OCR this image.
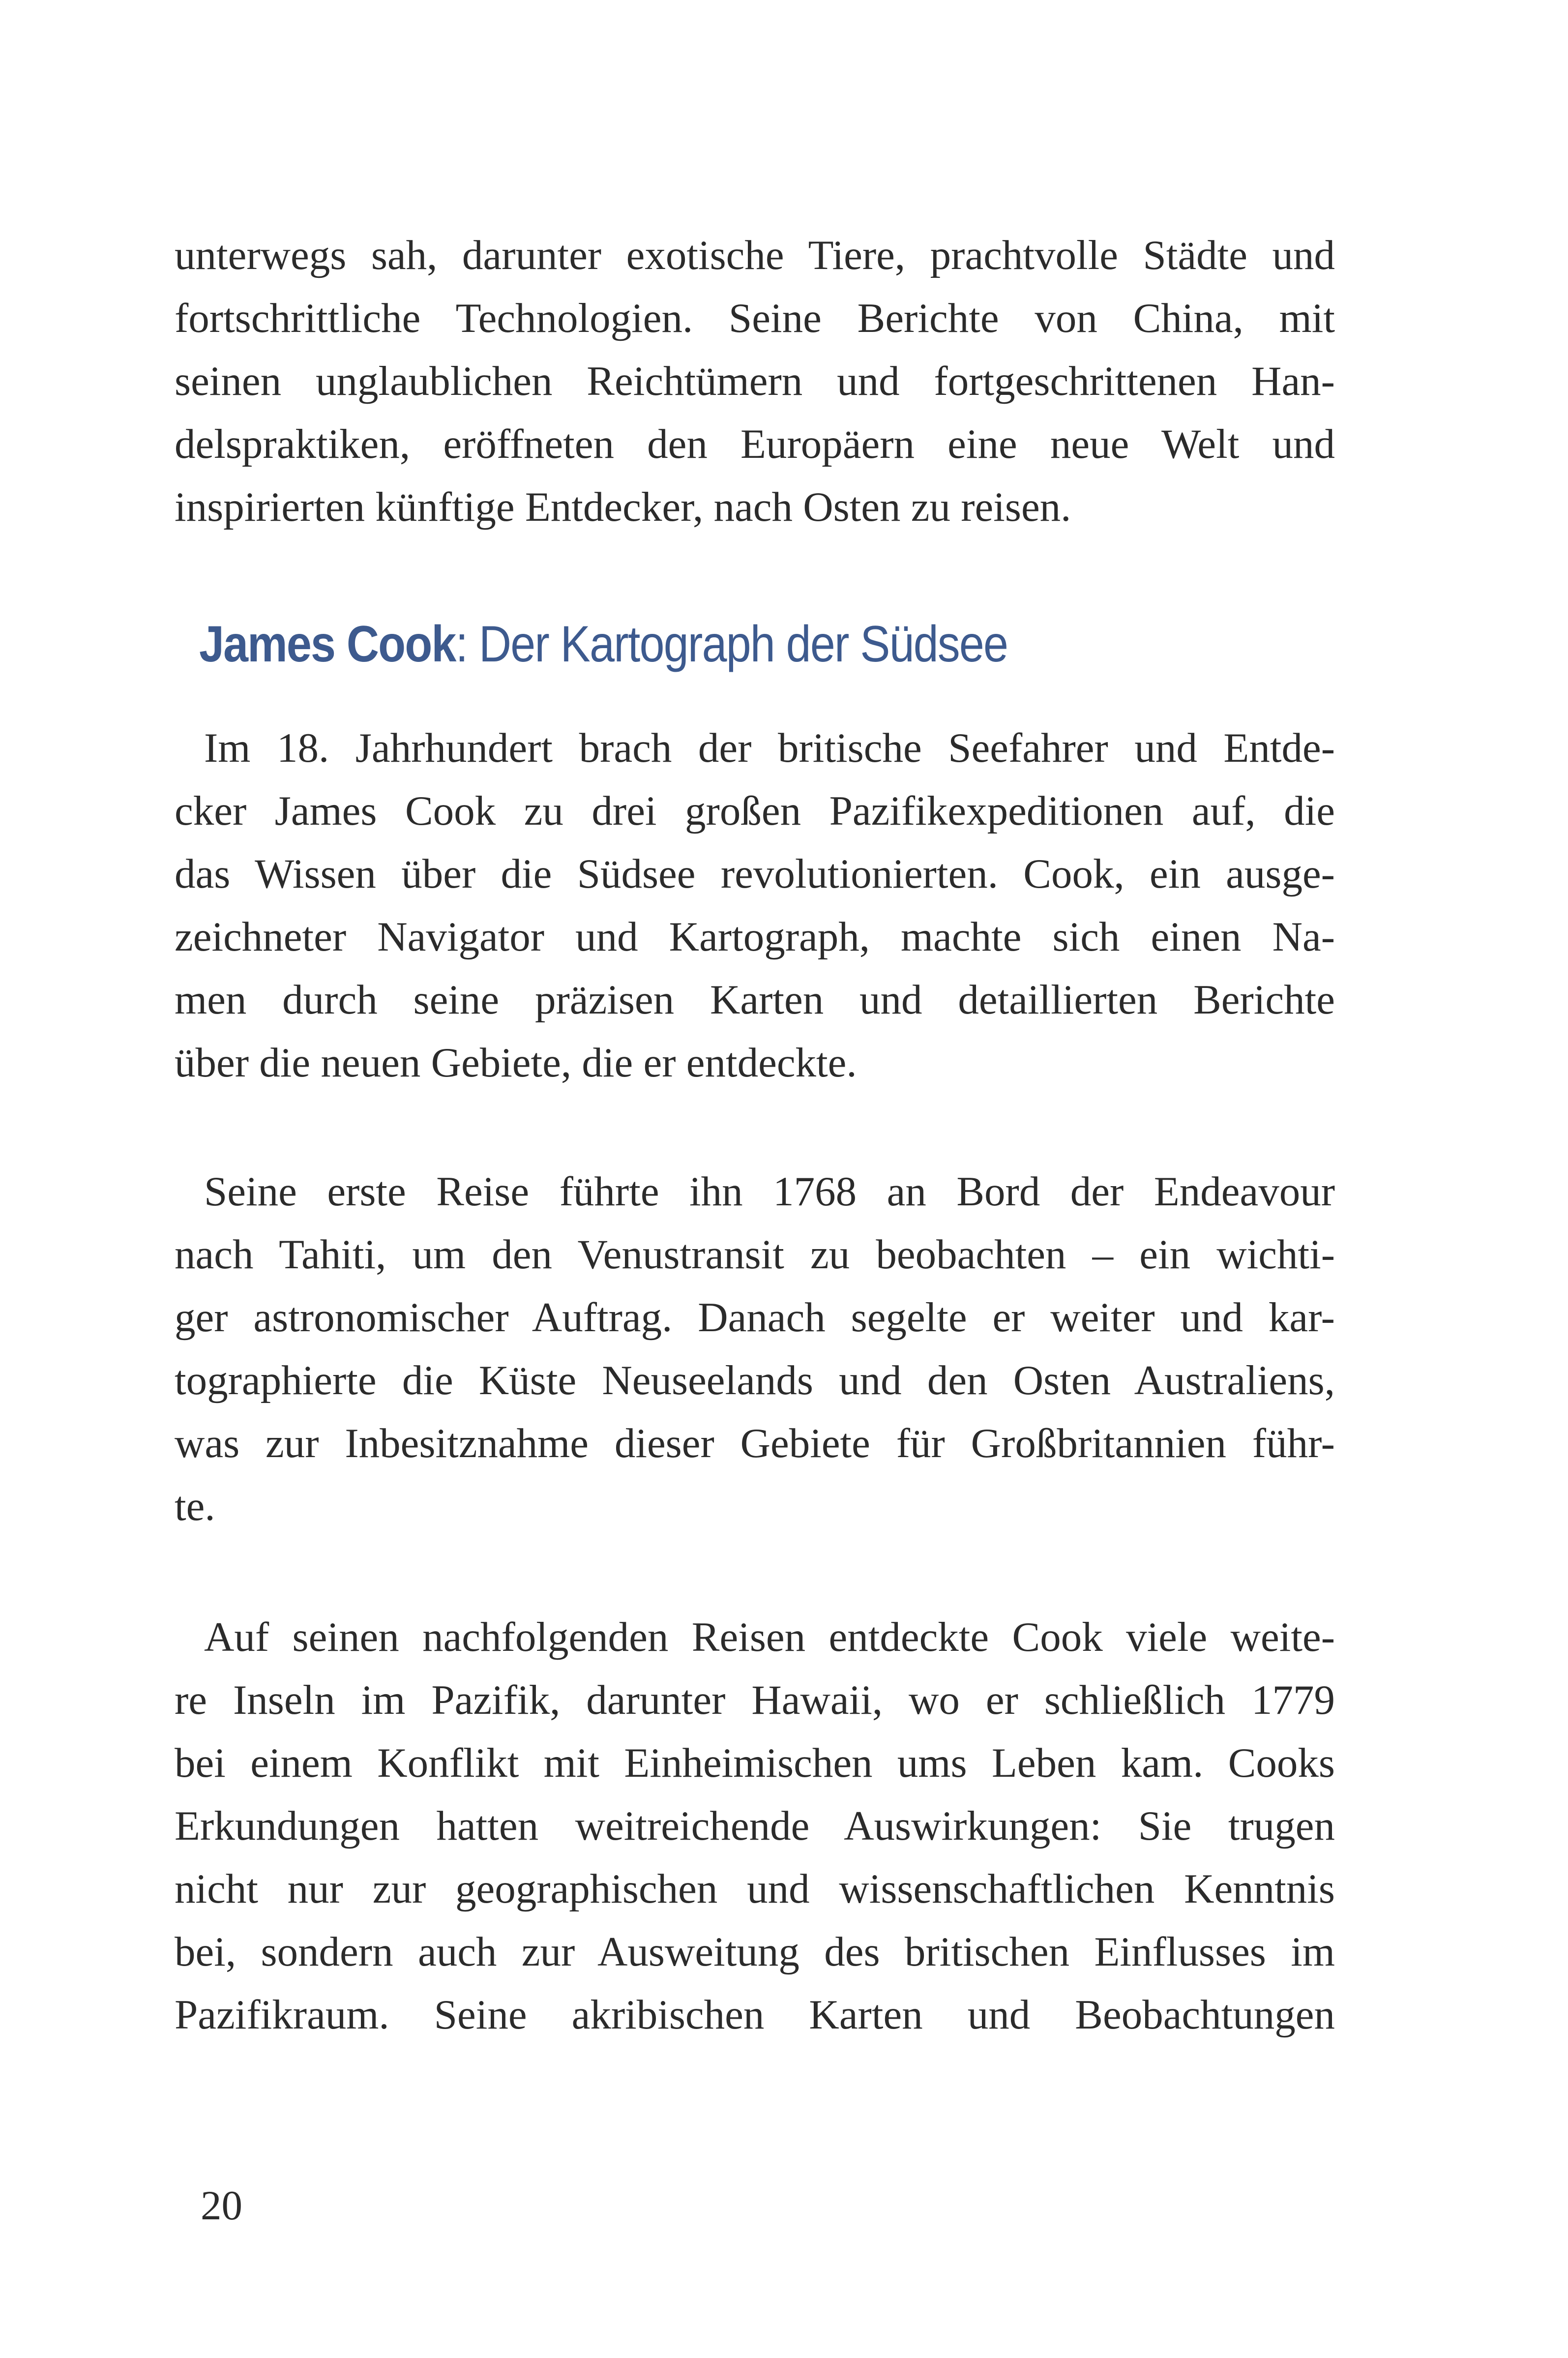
unterwegs sah, darunter exotische Tiere, prachtvolle Städte und
fortschrittliche Technologien. Seine Berichte von China, mit
seinen unglaublichen Reichtümern und fortgeschrittenen Han-
delspraktiken, eröffneten den Europäern eine neue Welt und
inspirierten künftige Entdecker, nach Osten zu reisen.
James Cook: Der Kartograph der Südsee
Im 18. Jahrhundert brach der britische Seefahrer und Entde-
cker James Cook zu drei großen Pazifikexpeditionen auf, die
das Wissen über die Südsee revolutionierten. Cook, ein ausge-
zeichneter Navigator und Kartograph, machte sich einen Na-
men durch seine präzisen Karten und detaillierten Berichte
über die neuen Gebiete, die er entdeckte.
Seine erste Reise führte ihn 1768 an Bord der Endeavour
nach Tahiti, um den Venustransit zu beobachten – ein wichti-
ger astronomischer Auftrag. Danach segelte er weiter und kar-
tographierte die Küste Neuseelands und den Osten Australiens,
was zur Inbesitznahme dieser Gebiete für Großbritannien führ-
te.
Auf seinen nachfolgenden Reisen entdeckte Cook viele weite-
re Inseln im Pazifik, darunter Hawaii, wo er schließlich 1779
bei einem Konflikt mit Einheimischen ums Leben kam. Cooks
Erkundungen hatten weitreichende Auswirkungen: Sie trugen
nicht nur zur geographischen und wissenschaftlichen Kenntnis
bei, sondern auch zur Ausweitung des britischen Einflusses im
Pazifikraum. Seine akribischen Karten und Beobachtungen
20
